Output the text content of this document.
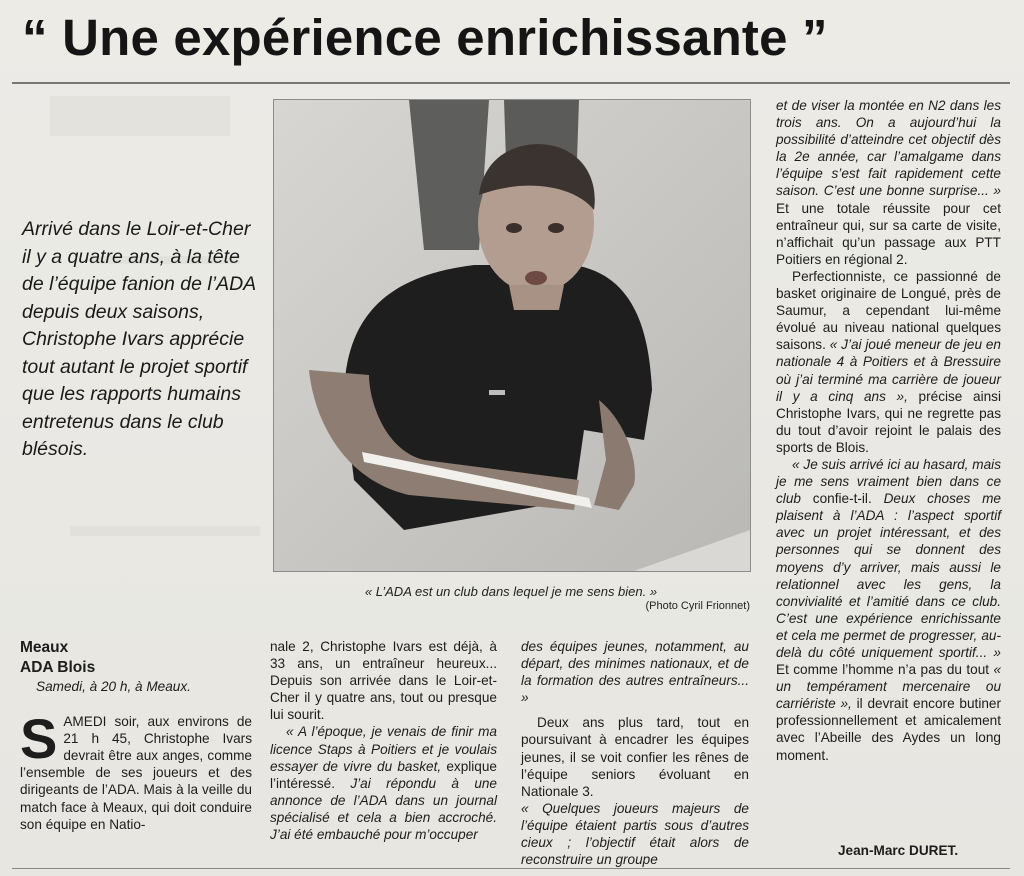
“ Une expérience enrichissante ”
Arrivé dans le Loir-et-Cher il y a quatre ans, à la tête de l’équipe fanion de l’ADA depuis deux saisons, Christophe Ivars apprécie tout autant le projet sportif que les rapports humains entretenus dans le club blésois.
« L’ADA est un club dans lequel je me sens bien. »
(Photo Cyril Frionnet)
Meaux
ADA Blois
Samedi, à 20 h, à Meaux.

SAMEDI soir, aux environs de 21 h 45, Christophe Ivars devrait être aux anges, comme l’ensemble de ses joueurs et des dirigeants de l’ADA. Mais à la veille du match face à Meaux, qui doit conduire son équipe en Natio-

nale 2, Christophe Ivars est déjà, à 33 ans, un entraîneur heureux... Depuis son arrivée dans le Loir-et-Cher il y quatre ans, tout ou presque lui sourit.

« A l’époque, je venais de finir ma licence Staps à Poitiers et je voulais essayer de vivre du basket, explique l’intéressé. J’ai répondu à une annonce de l’ADA dans un journal spécialisé et cela a bien accroché. J’ai été embauché pour m’occuper

des équipes jeunes, notamment, au départ, des minimes nationaux, et de la formation des autres entraîneurs... »

Deux ans plus tard, tout en poursuivant à encadrer les équipes jeunes, il se voit confier les rênes de l’équipe seniors évoluant en Nationale 3.

« Quelques joueurs majeurs de l’équipe étaient partis sous d’autres cieux ; l’objectif était alors de reconstruire un groupe

et de viser la montée en N2 dans les trois ans. On a aujourd’hui la possibilité d’atteindre cet objectif dès la 2e année, car l’amalgame dans l’équipe s’est fait rapidement cette saison. C’est une bonne surprise... » Et une totale réussite pour cet entraîneur qui, sur sa carte de visite, n’affichait qu’un passage aux PTT Poitiers en régional 2.

Perfectionniste, ce passionné de basket originaire de Longué, près de Saumur, a cependant lui-même évolué au niveau national quelques saisons. « J’ai joué meneur de jeu en nationale 4 à Poitiers et à Bressuire où j’ai terminé ma carrière de joueur il y a cinq ans », précise ainsi Christophe Ivars, qui ne regrette pas du tout d’avoir rejoint le palais des sports de Blois.

« Je suis arrivé ici au hasard, mais je me sens vraiment bien dans ce club confie-t-il. Deux choses me plaisent à l’ADA : l’aspect sportif avec un projet intéressant, et des personnes qui se donnent des moyens d’y arriver, mais aussi le relationnel avec les gens, la convivialité et l’amitié dans ce club. C’est une expérience enrichissante et cela me permet de progresser, au-delà du côté uniquement sportif... » Et comme l’homme n’a pas du tout « un tempérament mercenaire ou carriériste », il devrait encore butiner professionnellement et amicalement avec l’Abeille des Aydes un long moment.

Jean-Marc DURET.
